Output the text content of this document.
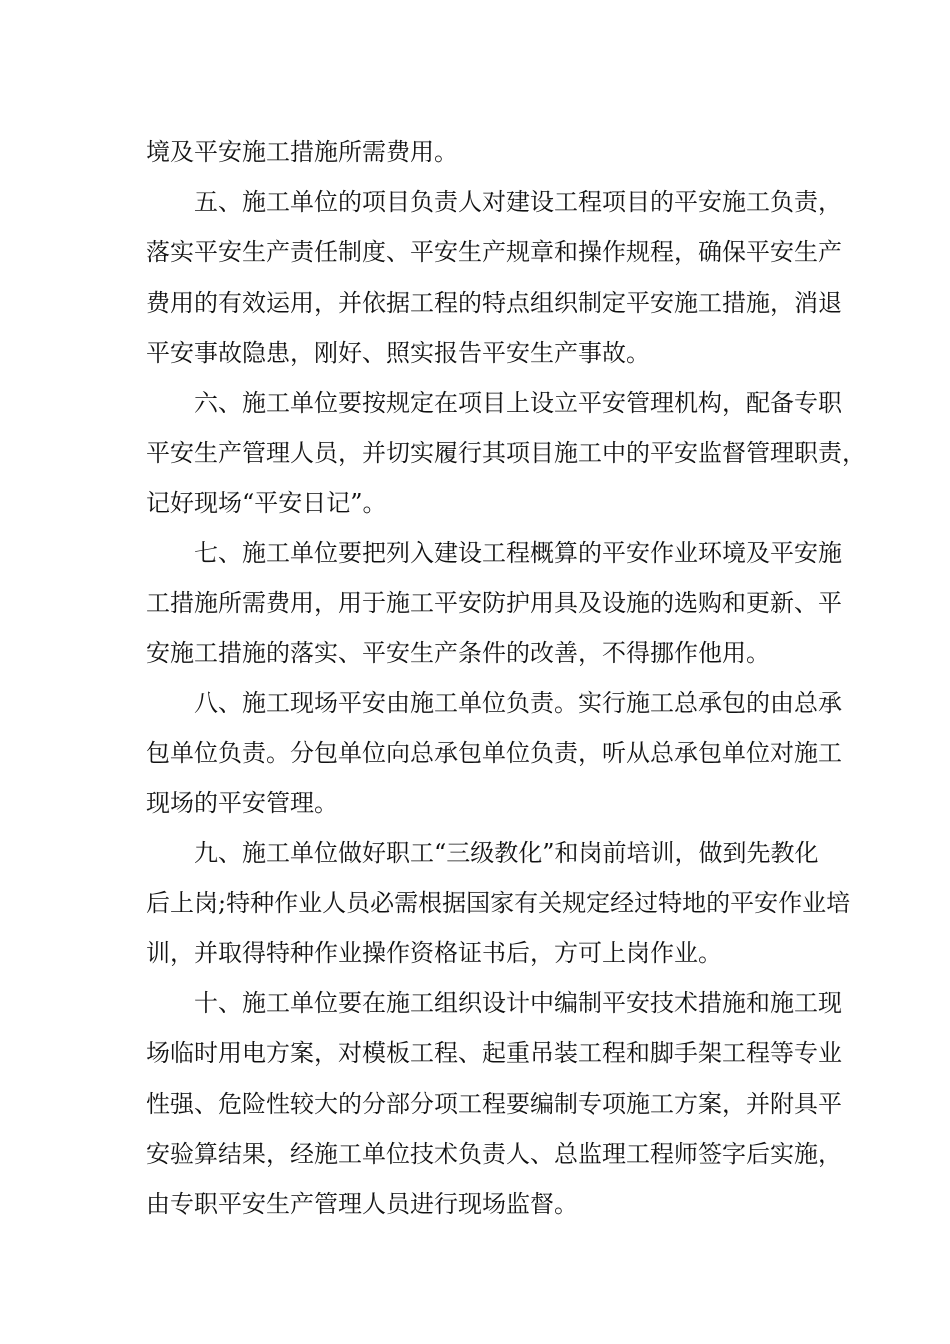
境及平安施工措施所需费用。
五、施工单位的项目负责人对建设工程项目的平安施工负责，
落实平安生产责任制度、平安生产规章和操作规程，确保平安生产
费用的有效运用，并依据工程的特点组织制定平安施工措施，消退
平安事故隐患，刚好、照实报告平安生产事故。
六、施工单位要按规定在项目上设立平安管理机构，配备专职
平安生产管理人员，并切实履行其项目施工中的平安监督管理职责，
记好现场“平安日记”。
七、施工单位要把列入建设工程概算的平安作业环境及平安施
工措施所需费用，用于施工平安防护用具及设施的选购和更新、平
安施工措施的落实、平安生产条件的改善，不得挪作他用。
八、施工现场平安由施工单位负责。实行施工总承包的由总承
包单位负责。分包单位向总承包单位负责，听从总承包单位对施工
现场的平安管理。
九、施工单位做好职工“三级教化”和岗前培训，做到先教化
后上岗;特种作业人员必需根据国家有关规定经过特地的平安作业培
训，并取得特种作业操作资格证书后，方可上岗作业。
十、施工单位要在施工组织设计中编制平安技术措施和施工现
场临时用电方案，对模板工程、起重吊装工程和脚手架工程等专业
性强、危险性较大的分部分项工程要编制专项施工方案，并附具平
安验算结果，经施工单位技术负责人、总监理工程师签字后实施，
由专职平安生产管理人员进行现场监督。
